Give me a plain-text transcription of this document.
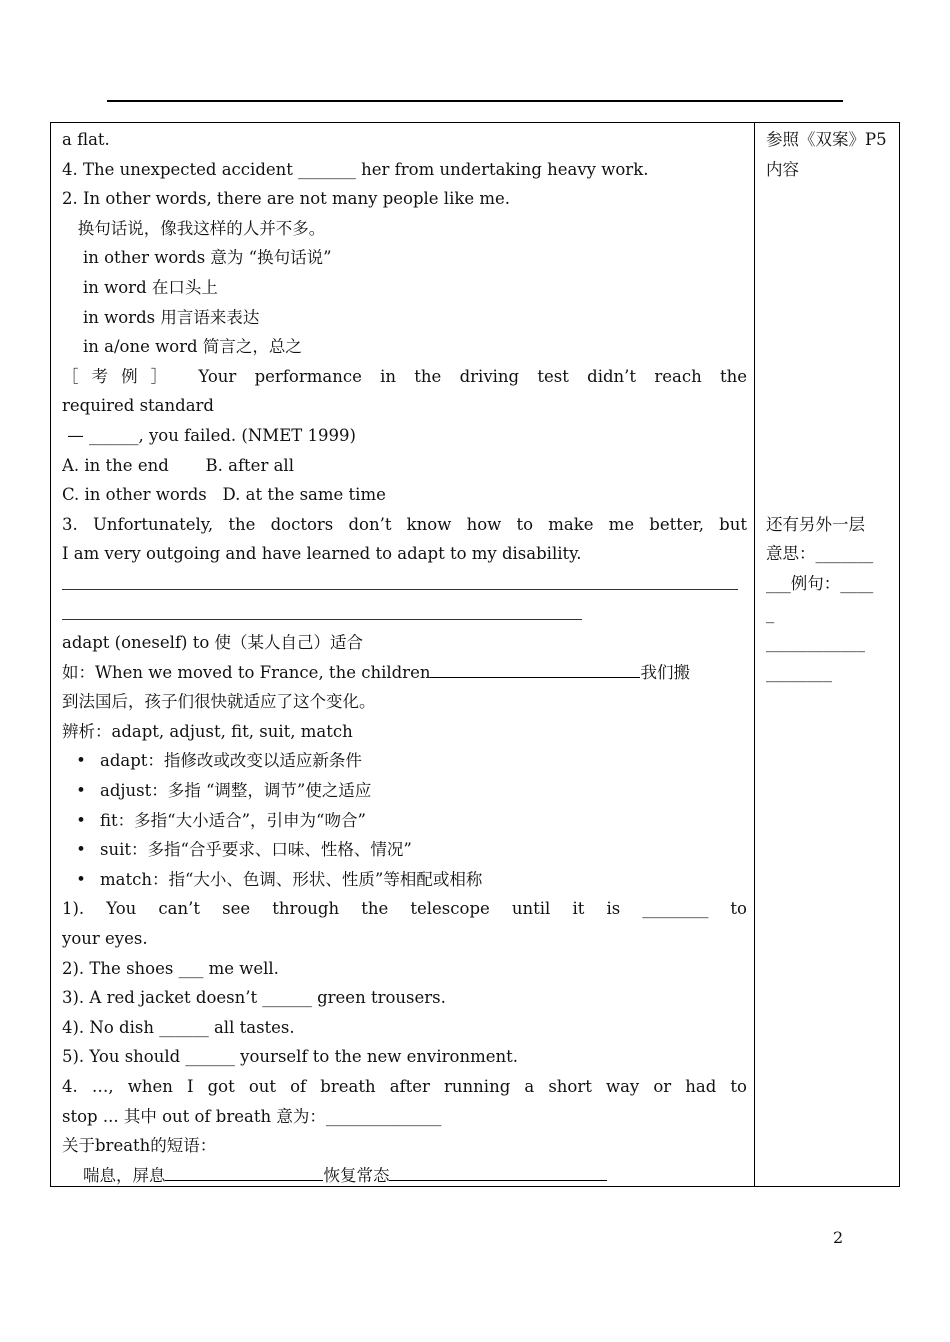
a flat.
4. The unexpected accident _______ her from undertaking heavy work.
2. In other words, there are not many people like me.
换句话说，像我这样的人并不多。
in other words 意为 “换句话说”
in word 在口头上
in words 用言语来表达
in a/one word 简言之，总之
［考例］ Your performance in the driving test didn’t reach the
required standard
— ______, you failed. (NMET 1999)
A. in the end       B. after all
C. in other words   D. at the same time
3. Unfortunately, the doctors don’t know how to make me better, but
I am very outgoing and have learned to adapt to my disability.
adapt (oneself) to 使（某人自己）适合
如：When we moved to France, the children	我们搬
到法国后，孩子们很快就适应了这个变化。
辨析：adapt, adjust, fit, suit, match
• adapt：指修改或改变以适应新条件
• adjust：多指 “调整，调节”使之适应
• fit：多指“大小适合”，引申为“吻合”
• suit：多指“合乎要求、口味、性格、情况”
• match：指“大小、色调、形状、性质”等相配或相称
1). You can’t see through the telescope until it is ________ to
your eyes.
2). The shoes ___ me well.
3). A red jacket doesn’t ______ green trousers.
4). No dish ______ all tastes.
5). You should ______ yourself to the new environment.
4. …, when I got out of breath after running a short way or had to
stop ... 其中 out of breath 意为：______________
关于breath的短语：
喘息，屏息	恢复常态
参照《双案》P5
内容
还有另外一层
意思：_______
___例句：____
_
____________
________
2
